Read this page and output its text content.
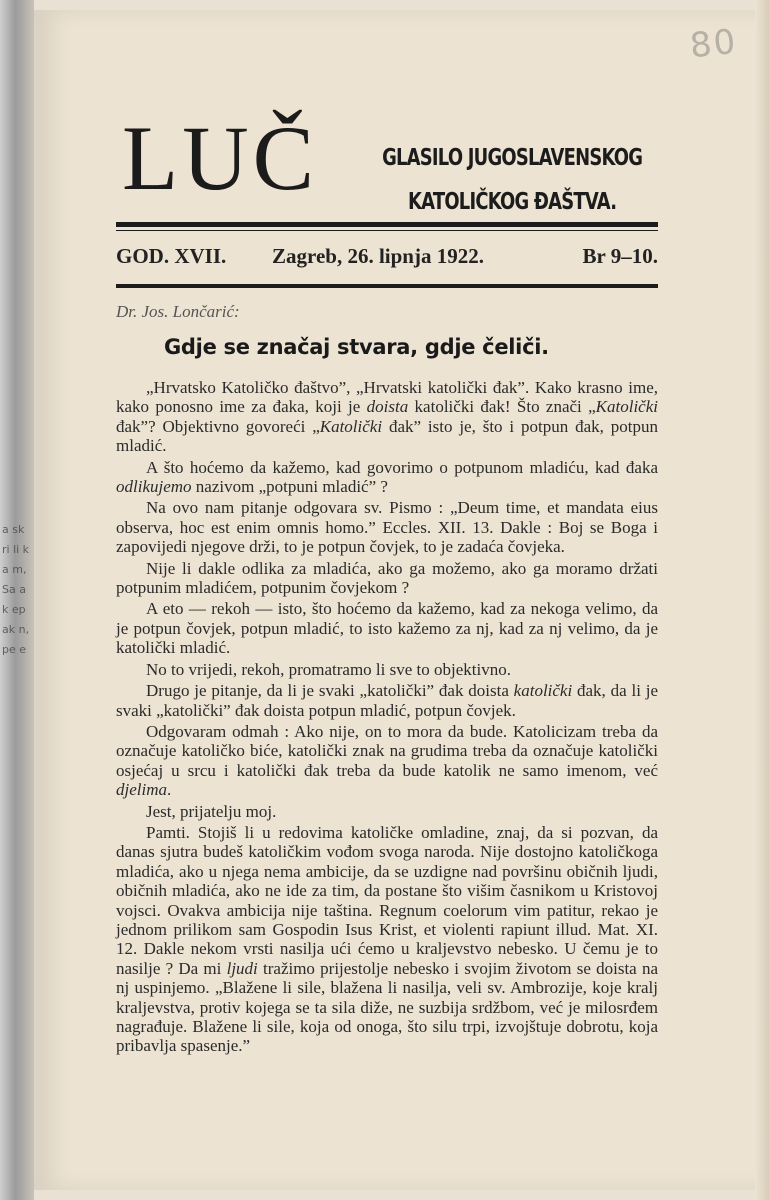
a sk ri li ka m, Sa ak ep ak n, pe e
80
LUČ	GLASILO JUGOSLAVENSKOG
KATOLIČKOG ĐAŠTVA.
GOD. XVII. Zagreb, 26. lipnja 1922.	Br 9–10.
Dr. Jos. Lončarić:
Gdje se značaj stvara, gdje čeliči.

„Hrvatsko Katoličko đaštvo”, „Hrvatski katolički đak”. Kako krasno ime, kako ponosno ime za đaka, koji je doista katolički đak! Što znači „Katolički đak”? Objektivno govoreći „Katolički đak” isto je, što i potpun đak, potpun mladić.

A što hoćemo da kažemo, kad govorimo o potpunom mladiću, kad đaka odlikujemo nazivom „potpuni mladić” ?

Na ovo nam pitanje odgovara sv. Pismo : „Deum time, et mandata eius observa, hoc est enim omnis homo.” Eccles. XII. 13. Dakle : Boj se Boga i zapovijedi njegove drži, to je potpun čovjek, to je zadaća čovjeka.

Nije li dakle odlika za mladića, ako ga možemo, ako ga moramo držati potpunim mladićem, potpunim čovjekom ?

A eto — rekoh — isto, što hoćemo da kažemo, kad za nekoga velimo, da je potpun čovjek, potpun mladić, to isto kažemo za nj, kad za nj velimo, da je katolički mladić.

No to vrijedi, rekoh, promatramo li sve to objektivno.

Drugo je pitanje, da li je svaki „katolički” đak doista katolički đak, da li je svaki „katolički” đak doista potpun mladić, potpun čovjek.

Odgovaram odmah : Ako nije, on to mora da bude. Katolicizam treba da označuje katoličko biće, katolički znak na grudima treba da označuje katolički osjećaj u srcu i katolički đak treba da bude katolik ne samo imenom, već djelima.

Jest, prijatelju moj.

Pamti. Stojiš li u redovima katoličke omladine, znaj, da si pozvan, da danas sjutra budeš katoličkim vođom svoga naroda. Nije dostojno katoličkoga mladića, ako u njega nema ambicije, da se uzdigne nad površinu običnih ljudi, običnih mladića, ako ne ide za tim, da postane što višim časnikom u Kristovoj vojsci. Ovakva ambicija nije taština. Regnum coelorum vim patitur, rekao je jednom prilikom sam Gospodin Isus Krist, et violenti rapiunt illud. Mat. XI. 12. Dakle nekom vrsti nasilja ući ćemo u kraljevstvo nebesko. U čemu je to nasilje ? Da mi ljudi tražimo prijestolje nebesko i svojim životom se doista na nj uspinjemo. „Blažene li sile, blažena li nasilja, veli sv. Ambrozije, koje kralj kraljevstva, protiv kojega se ta sila diže, ne suzbija srdžbom, već je milosrđem nagrađuje. Blažene li sile, koja od onoga, što silu trpi, izvojštuje dobrotu, koja pribavlja spasenje.”
